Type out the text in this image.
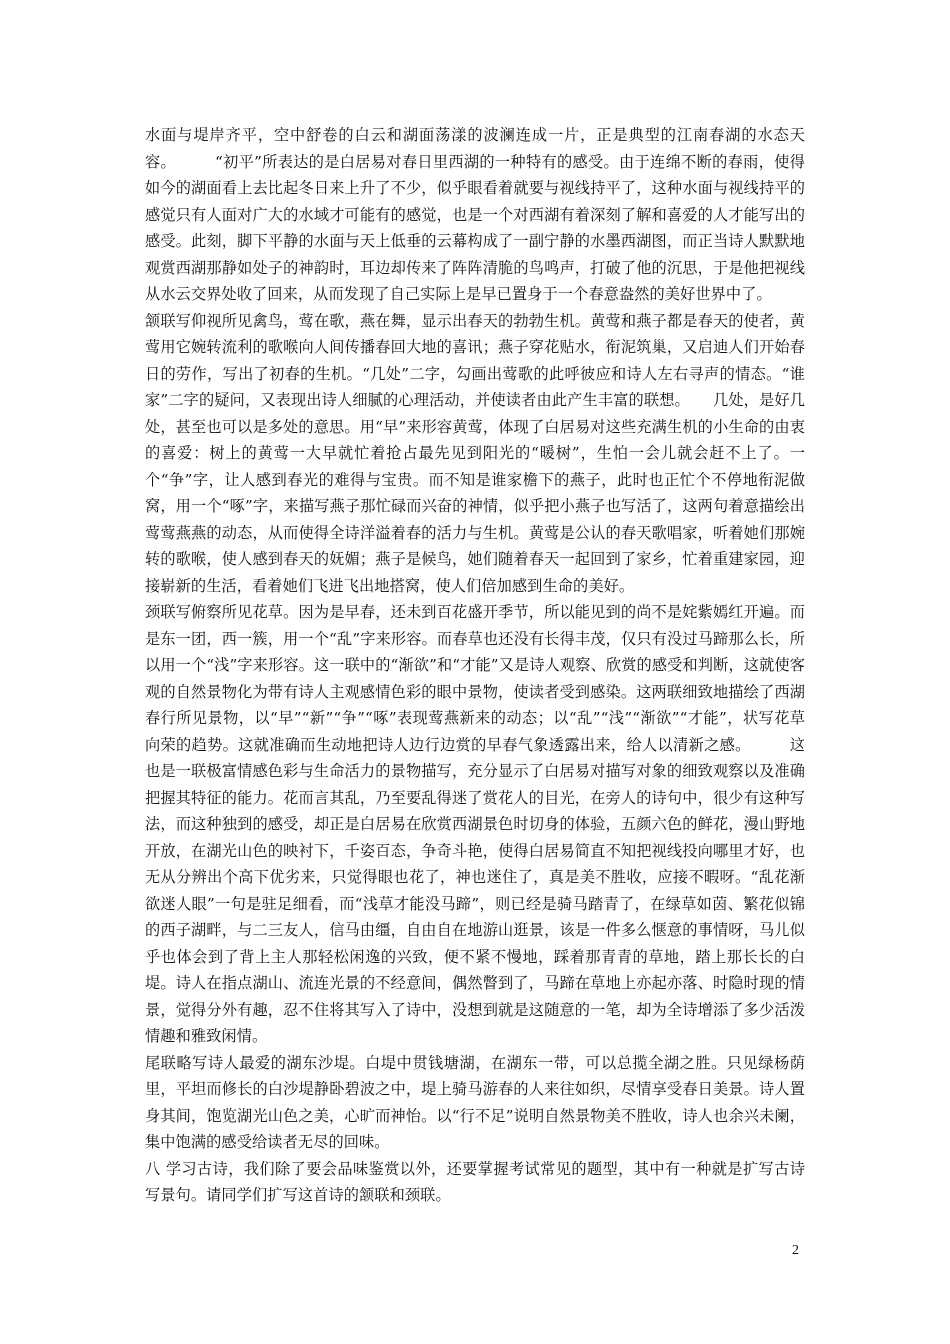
水面与堤岸齐平，空中舒卷的白云和湖面荡漾的波澜连成一片，正是典型的江南春湖的水态天容。　　　“初平”所表达的是白居易对春日里西湖的一种特有的感受。由于连绵不断的春雨，使得如今的湖面看上去比起冬日来上升了不少，似乎眼看着就要与视线持平了，这种水面与视线持平的感觉只有人面对广大的水域才可能有的感觉，也是一个对西湖有着深刻了解和喜爱的人才能写出的感受。此刻，脚下平静的水面与天上低垂的云幕构成了一副宁静的水墨西湖图，而正当诗人默默地观赏西湖那静如处子的神韵时，耳边却传来了阵阵清脆的鸟鸣声，打破了他的沉思，于是他把视线从水云交界处收了回来，从而发现了自己实际上是早已置身于一个春意盎然的美好世界中了。

颔联写仰视所见禽鸟，莺在歌，燕在舞，显示出春天的勃勃生机。黄莺和燕子都是春天的使者，黄莺用它婉转流利的歌喉向人间传播春回大地的喜讯；燕子穿花贴水，衔泥筑巢，又启迪人们开始春日的劳作，写出了初春的生机。“几处”二字，勾画出莺歌的此呼彼应和诗人左右寻声的情态。“谁家”二字的疑问，又表现出诗人细腻的心理活动，并使读者由此产生丰富的联想。　　几处，是好几处，甚至也可以是多处的意思。用“早”来形容黄莺，体现了白居易对这些充满生机的小生命的由衷的喜爱：树上的黄莺一大早就忙着抢占最先见到阳光的“暖树”，生怕一会儿就会赶不上了。一个“争”字，让人感到春光的难得与宝贵。而不知是谁家檐下的燕子，此时也正忙个不停地衔泥做窝，用一个“啄”字，来描写燕子那忙碌而兴奋的神情，似乎把小燕子也写活了，这两句着意描绘出莺莺燕燕的动态，从而使得全诗洋溢着春的活力与生机。黄莺是公认的春天歌唱家，听着她们那婉转的歌喉，使人感到春天的妩媚；燕子是候鸟，她们随着春天一起回到了家乡，忙着重建家园，迎接崭新的生活，看着她们飞进飞出地搭窝，使人们倍加感到生命的美好。

颈联写俯察所见花草。因为是早春，还未到百花盛开季节，所以能见到的尚不是姹紫嫣红开遍。而是东一团，西一簇，用一个“乱”字来形容。而春草也还没有长得丰茂，仅只有没过马蹄那么长，所以用一个“浅”字来形容。这一联中的“渐欲”和“才能”又是诗人观察、欣赏的感受和判断，这就使客观的自然景物化为带有诗人主观感情色彩的眼中景物，使读者受到感染。这两联细致地描绘了西湖春行所见景物，以“早”“新”“争”“啄”表现莺燕新来的动态；以“乱”“浅”“渐欲”“才能”，状写花草向荣的趋势。这就准确而生动地把诗人边行边赏的早春气象透露出来，给人以清新之感。　　　这也是一联极富情感色彩与生命活力的景物描写，充分显示了白居易对描写对象的细致观察以及准确把握其特征的能力。花而言其乱，乃至要乱得迷了赏花人的目光，在旁人的诗句中，很少有这种写法，而这种独到的感受，却正是白居易在欣赏西湖景色时切身的体验，五颜六色的鲜花，漫山野地开放，在湖光山色的映衬下，千姿百态，争奇斗艳，使得白居易简直不知把视线投向哪里才好，也无从分辨出个高下优劣来，只觉得眼也花了，神也迷住了，真是美不胜收，应接不暇呀。“乱花渐欲迷人眼”一句是驻足细看，而“浅草才能没马蹄”，则已经是骑马踏青了，在绿草如茵、繁花似锦的西子湖畔，与二三友人，信马由缰，自由自在地游山逛景，该是一件多么惬意的事情呀，马儿似乎也体会到了背上主人那轻松闲逸的兴致，便不紧不慢地，踩着那青青的草地，踏上那长长的白堤。诗人在指点湖山、流连光景的不经意间，偶然瞥到了，马蹄在草地上亦起亦落、时隐时现的情景，觉得分外有趣，忍不住将其写入了诗中，没想到就是这随意的一笔，却为全诗增添了多少活泼情趣和雅致闲情。

尾联略写诗人最爱的湖东沙堤。白堤中贯钱塘湖，在湖东一带，可以总揽全湖之胜。只见绿杨荫里，平坦而修长的白沙堤静卧碧波之中，堤上骑马游春的人来往如织，尽情享受春日美景。诗人置身其间，饱览湖光山色之美，心旷而神怡。以“行不足”说明自然景物美不胜收，诗人也余兴未阑，集中饱满的感受给读者无尽的回味。

八 学习古诗，我们除了要会品味鉴赏以外，还要掌握考试常见的题型，其中有一种就是扩写古诗写景句。请同学们扩写这首诗的颔联和颈联。

2
